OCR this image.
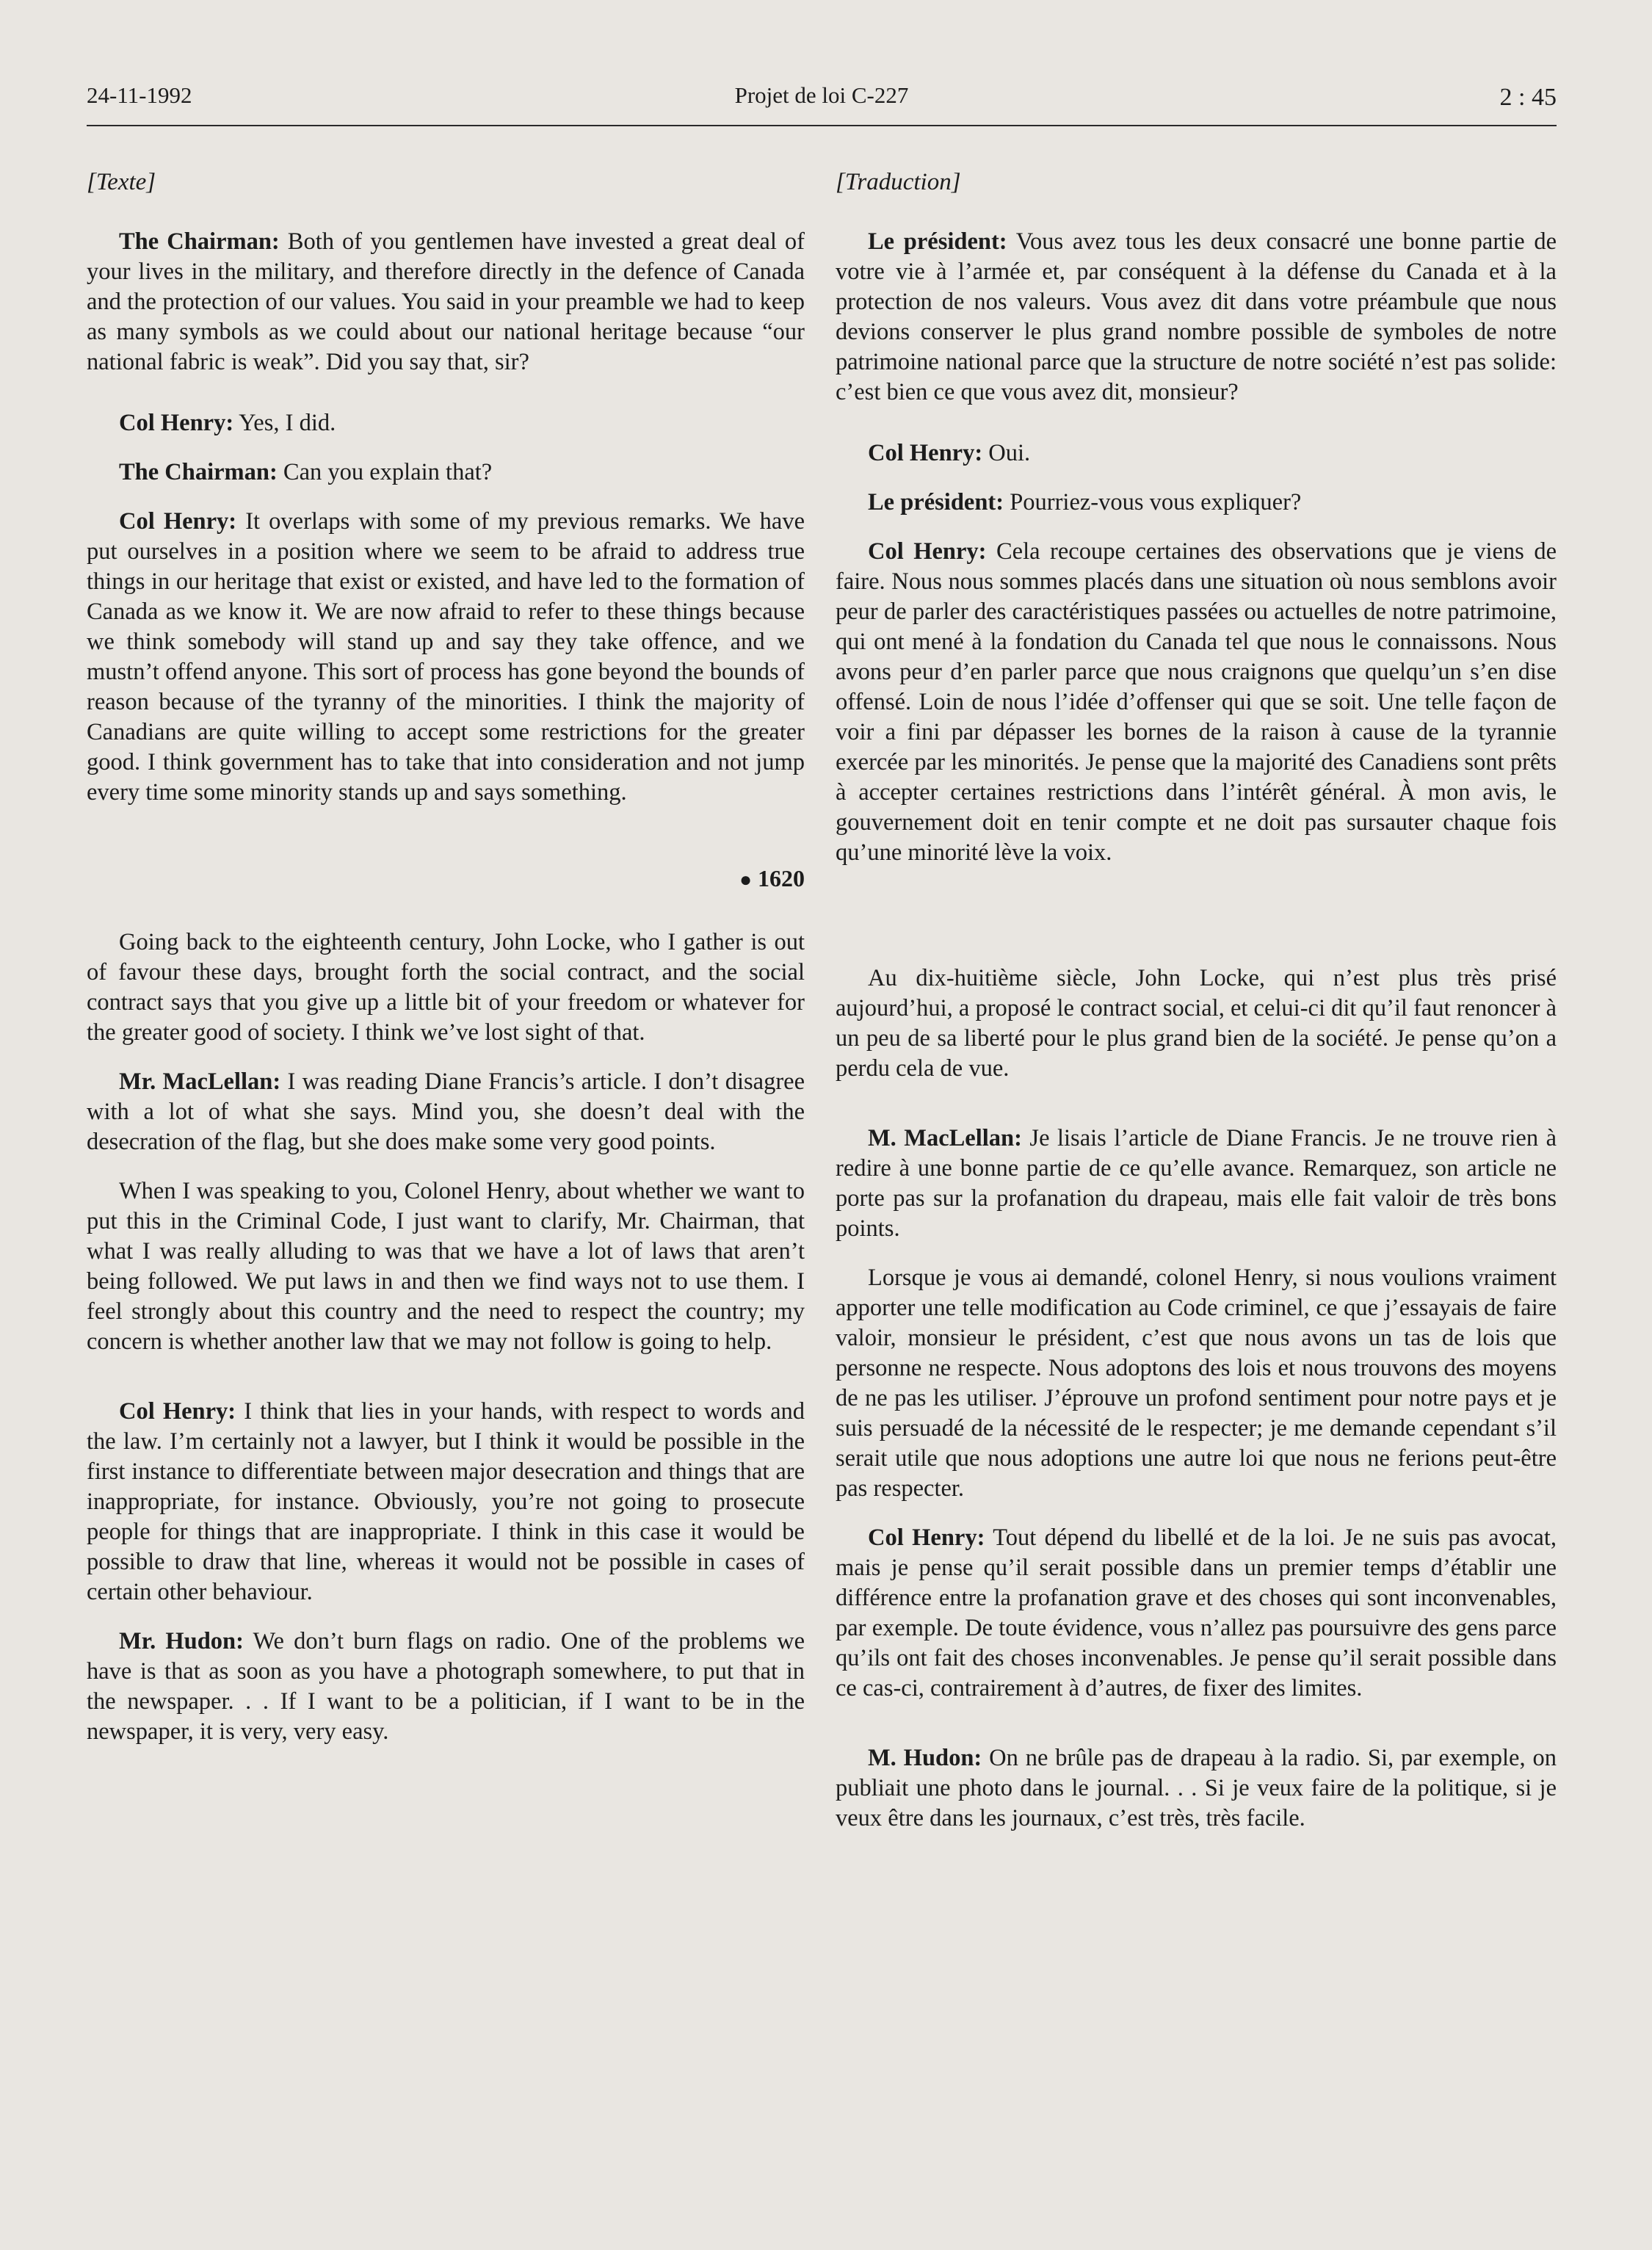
24-11-1992	Projet de loi C-227	2 : 45
[Texte]

The Chairman: Both of you gentlemen have invested a great deal of your lives in the military, and therefore directly in the defence of Canada and the protection of our values. You said in your preamble we had to keep as many symbols as we could about our national heritage because “our national fabric is weak”. Did you say that, sir?

Col Henry: Yes, I did.

The Chairman: Can you explain that?

Col Henry: It overlaps with some of my previous remarks. We have put ourselves in a position where we seem to be afraid to address true things in our heritage that exist or existed, and have led to the formation of Canada as we know it. We are now afraid to refer to these things because we think somebody will stand up and say they take offence, and we mustn’t offend anyone. This sort of process has gone beyond the bounds of reason because of the tyranny of the minorities. I think the majority of Canadians are quite willing to accept some restrictions for the greater good. I think government has to take that into consideration and not jump every time some minority stands up and says something.

● 1620

Going back to the eighteenth century, John Locke, who I gather is out of favour these days, brought forth the social contract, and the social contract says that you give up a little bit of your freedom or whatever for the greater good of society. I think we’ve lost sight of that.

Mr. MacLellan: I was reading Diane Francis’s article. I don’t disagree with a lot of what she says. Mind you, she doesn’t deal with the desecration of the flag, but she does make some very good points.

When I was speaking to you, Colonel Henry, about whether we want to put this in the Criminal Code, I just want to clarify, Mr. Chairman, that what I was really alluding to was that we have a lot of laws that aren’t being followed. We put laws in and then we find ways not to use them. I feel strongly about this country and the need to respect the country; my concern is whether another law that we may not follow is going to help.

Col Henry: I think that lies in your hands, with respect to words and the law. I’m certainly not a lawyer, but I think it would be possible in the first instance to differentiate between major desecration and things that are inappropriate, for instance. Obviously, you’re not going to prosecute people for things that are inappropriate. I think in this case it would be possible to draw that line, whereas it would not be possible in cases of certain other behaviour.

Mr. Hudon: We don’t burn flags on radio. One of the problems we have is that as soon as you have a photograph somewhere, to put that in the newspaper. . . If I want to be a politician, if I want to be in the newspaper, it is very, very easy.

[Traduction]

Le président: Vous avez tous les deux consacré une bonne partie de votre vie à l’armée et, par conséquent à la défense du Canada et à la protection de nos valeurs. Vous avez dit dans votre préambule que nous devions conserver le plus grand nombre possible de symboles de notre patrimoine national parce que la structure de notre société n’est pas solide: c’est bien ce que vous avez dit, monsieur?

Col Henry: Oui.

Le président: Pourriez-vous vous expliquer?

Col Henry: Cela recoupe certaines des observations que je viens de faire. Nous nous sommes placés dans une situation où nous semblons avoir peur de parler des caractéristiques passées ou actuelles de notre patrimoine, qui ont mené à la fondation du Canada tel que nous le connaissons. Nous avons peur d’en parler parce que nous craignons que quelqu’un s’en dise offensé. Loin de nous l’idée d’offenser qui que se soit. Une telle façon de voir a fini par dépasser les bornes de la raison à cause de la tyrannie exercée par les minorités. Je pense que la majorité des Canadiens sont prêts à accepter certaines restrictions dans l’intérêt général. À mon avis, le gouvernement doit en tenir compte et ne doit pas sursauter chaque fois qu’une minorité lève la voix.

Au dix-huitième siècle, John Locke, qui n’est plus très prisé aujourd’hui, a proposé le contract social, et celui-ci dit qu’il faut renoncer à un peu de sa liberté pour le plus grand bien de la société. Je pense qu’on a perdu cela de vue.

M. MacLellan: Je lisais l’article de Diane Francis. Je ne trouve rien à redire à une bonne partie de ce qu’elle avance. Remarquez, son article ne porte pas sur la profanation du drapeau, mais elle fait valoir de très bons points.

Lorsque je vous ai demandé, colonel Henry, si nous voulions vraiment apporter une telle modification au Code criminel, ce que j’essayais de faire valoir, monsieur le président, c’est que nous avons un tas de lois que personne ne respecte. Nous adoptons des lois et nous trouvons des moyens de ne pas les utiliser. J’éprouve un profond sentiment pour notre pays et je suis persuadé de la nécessité de le respecter; je me demande cependant s’il serait utile que nous adoptions une autre loi que nous ne ferions peut-être pas respecter.

Col Henry: Tout dépend du libellé et de la loi. Je ne suis pas avocat, mais je pense qu’il serait possible dans un premier temps d’établir une différence entre la profanation grave et des choses qui sont inconvenables, par exemple. De toute évidence, vous n’allez pas poursuivre des gens parce qu’ils ont fait des choses inconvenables. Je pense qu’il serait possible dans ce cas-ci, contrairement à d’autres, de fixer des limites.

M. Hudon: On ne brûle pas de drapeau à la radio. Si, par exemple, on publiait une photo dans le journal. . . Si je veux faire de la politique, si je veux être dans les journaux, c’est très, très facile.
